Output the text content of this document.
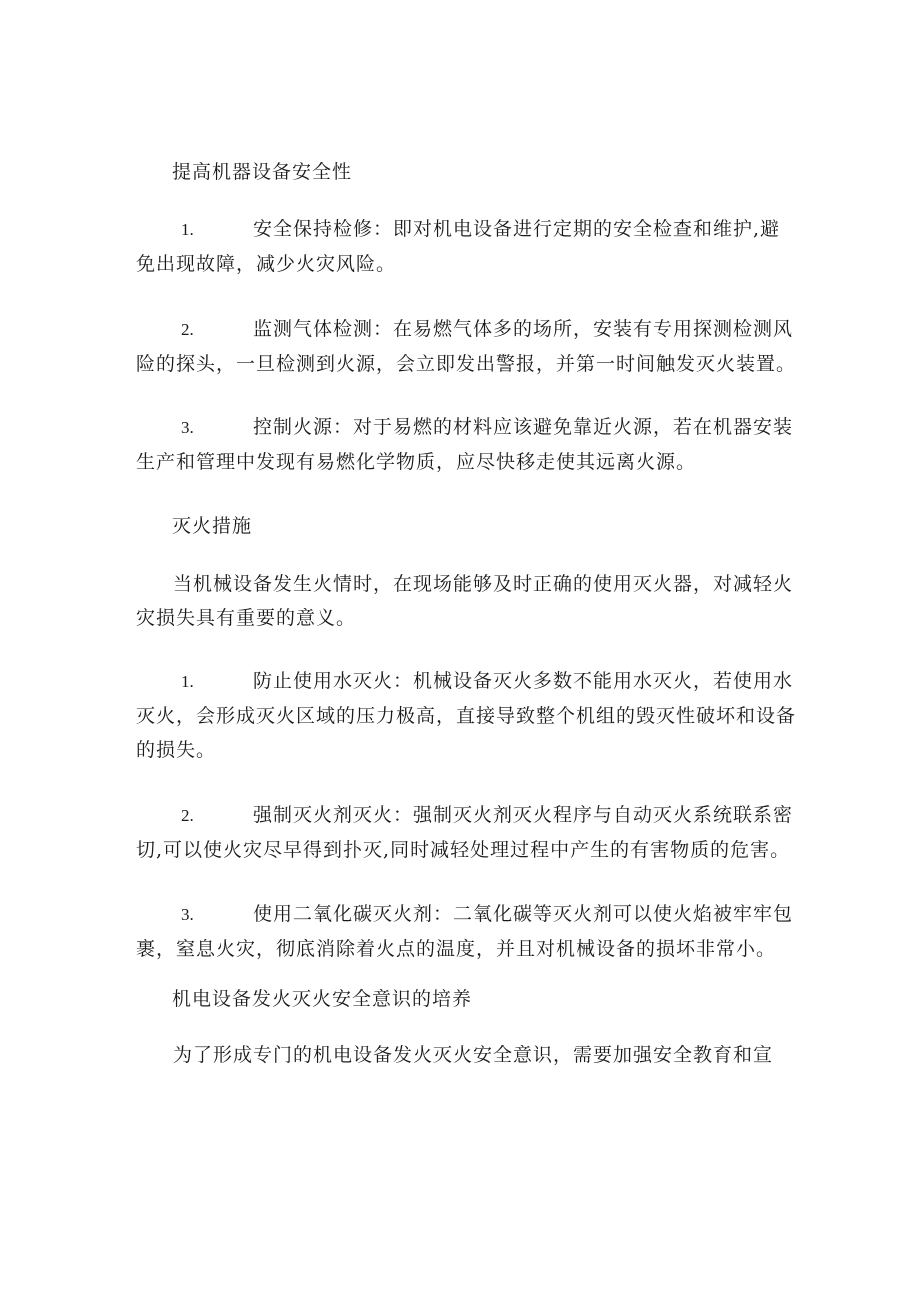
提高机器设备安全性

1.	安全保持检修：即对机电设备进行定期的安全检查和维护,避免出现故障，减少火灾风险。

2.	监测气体检测：在易燃气体多的场所，安装有专用探测检测风险的探头，一旦检测到火源，会立即发出警报，并第一时间触发灭火装置。

3.	控制火源：对于易燃的材料应该避免靠近火源，若在机器安装生产和管理中发现有易燃化学物质，应尽快移走使其远离火源。

灭火措施

当机械设备发生火情时，在现场能够及时正确的使用灭火器，对减轻火灾损失具有重要的意义。

1.	防止使用水灭火：机械设备灭火多数不能用水灭火，若使用水灭火，会形成灭火区域的压力极高，直接导致整个机组的毁灭性破坏和设备的损失。

2.	强制灭火剂灭火：强制灭火剂灭火程序与自动灭火系统联系密切,可以使火灾尽早得到扑灭,同时减轻处理过程中产生的有害物质的危害。

3.	使用二氧化碳灭火剂：二氧化碳等灭火剂可以使火焰被牢牢包裹，窒息火灾，彻底消除着火点的温度，并且对机械设备的损坏非常小。

机电设备发火灭火安全意识的培养

为了形成专门的机电设备发火灭火安全意识，需要加强安全教育和宣
